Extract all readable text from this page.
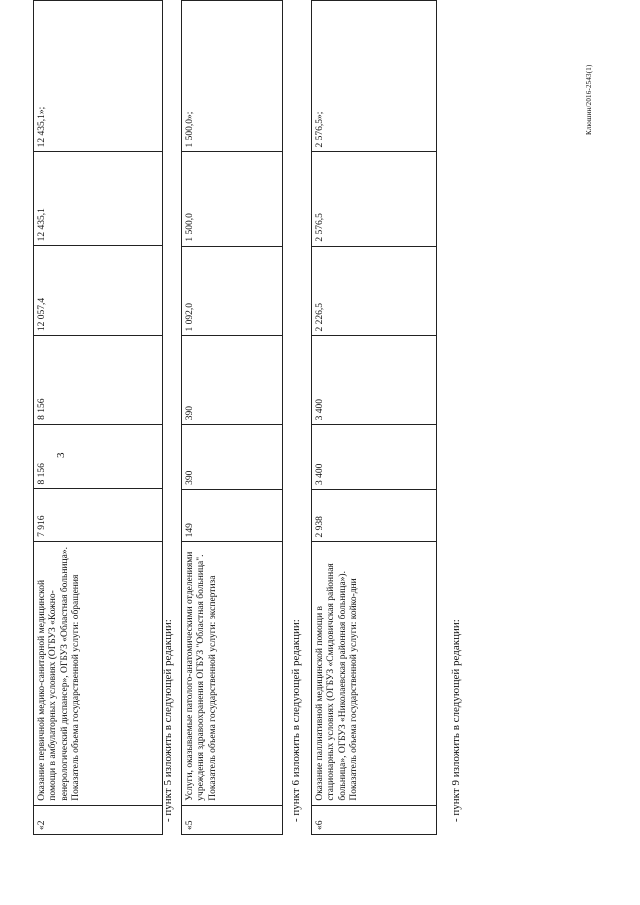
3
«2	Оказание первичной медико-санитарной медицинской помощи в амбулаторных условиях (ОГБУЗ «Кожно-венерологический диспансер», ОГБУЗ «Областная больница». Показатель объема государственной услуги: обращения	7 916	8 156	8 156	12 057,4	12 435,1	12 435,1»;
- пункт 5 изложить в следующей редакции:
«5	Услуги, оказываемые патолого-анатомическими отделениями учреждения здравоохранения ОГБУЗ "Областная больница". Показатель объема государственной услуги: экспертиза	149	390	390	1 092,0	1 500,0	1 500,0»;
- пункт 6 изложить в следующей редакции:
«6	Оказание паллиативной медицинской помощи в стационарных условиях (ОГБУЗ «Смидовичская районная больница», ОГБУЗ «Николаевская районная больница»). Показатель объема государственной услуги: койко-дни	2 938	3 400	3 400	2 226,5	2 576,5	2 576,5»;
- пункт 9 изложить в следующей редакции:
Клюшин/2016-2543(1)
